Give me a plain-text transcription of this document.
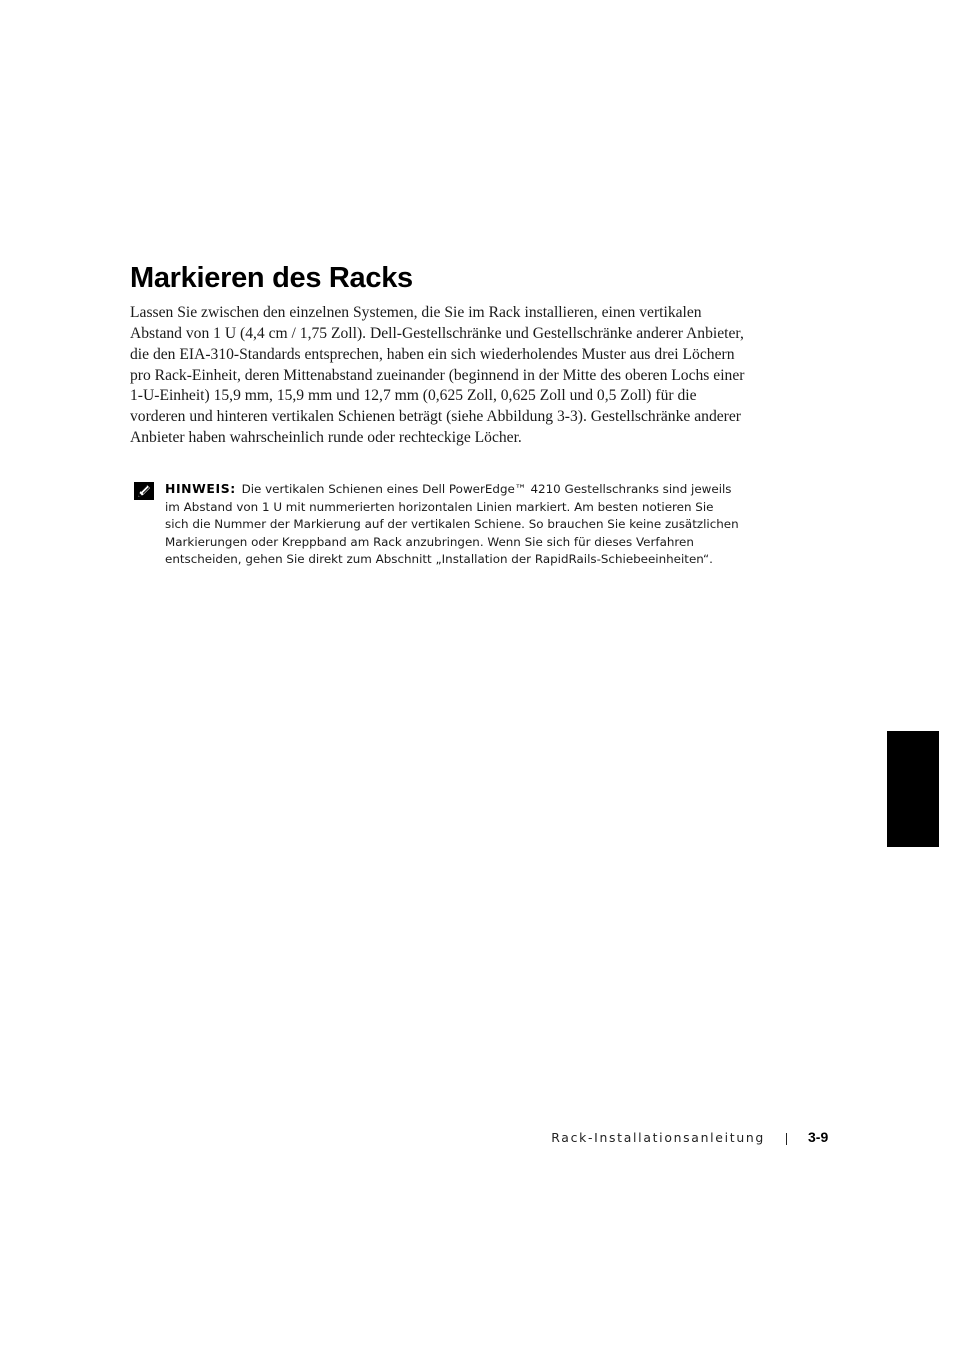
Markieren des Racks

Lassen Sie zwischen den einzelnen Systemen, die Sie im Rack installieren, einen vertikalen Abstand von 1 U (4,4 cm / 1,75 Zoll). Dell-Gestellschränke und Gestellschränke anderer Anbieter, die den EIA-310-Standards entsprechen, haben ein sich wiederholendes Muster aus drei Löchern pro Rack-Einheit, deren Mittenabstand zueinander (beginnend in der Mitte des oberen Lochs einer 1-U-Einheit) 15,9 mm, 15,9 mm und 12,7 mm (0,625 Zoll, 0,625 Zoll und 0,5 Zoll) für die vorderen und hinteren vertikalen Schienen beträgt (siehe Abbildung 3-3). Gestellschränke anderer Anbieter haben wahrscheinlich runde oder rechteckige Löcher.

HINWEIS: Die vertikalen Schienen eines Dell PowerEdge™ 4210 Gestellschranks sind jeweils im Abstand von 1 U mit nummerierten horizontalen Linien markiert. Am besten notieren Sie sich die Nummer der Markierung auf der vertikalen Schiene. So brauchen Sie keine zusätzlichen Markierungen oder Kreppband am Rack anzubringen. Wenn Sie sich für dieses Verfahren entscheiden, gehen Sie direkt zum Abschnitt „Installation der RapidRails-Schiebeeinheiten“.

Rack-Installationsanleitung	3-9
